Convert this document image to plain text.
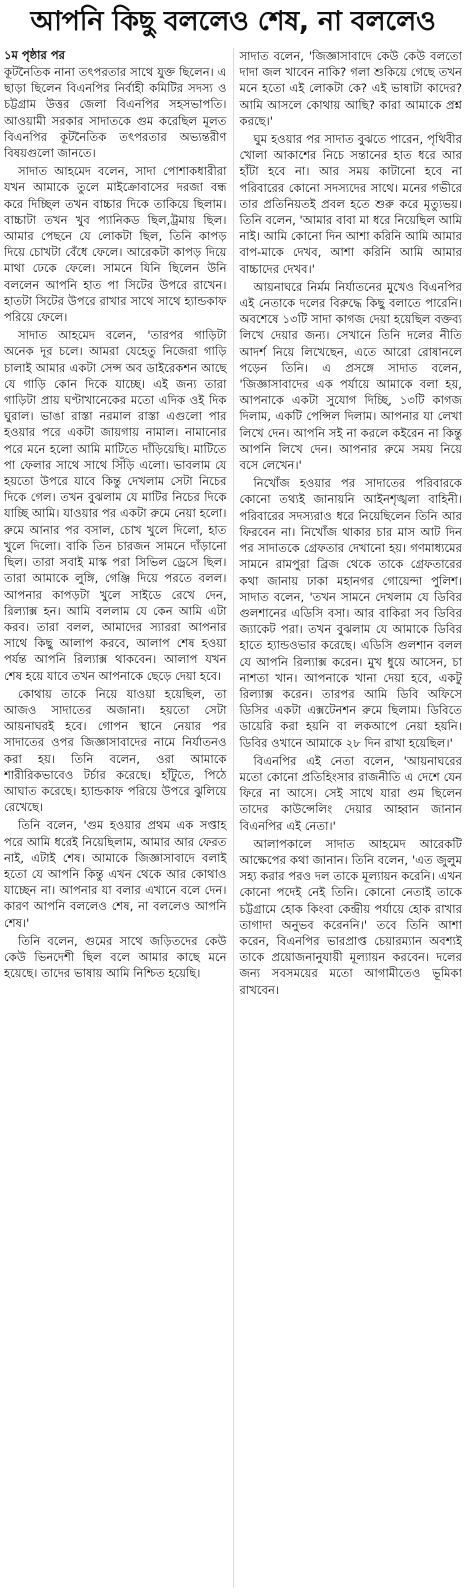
আপনি কিছু বললেও শেষ, না বললেও
১ম পৃষ্ঠার পর

কূটনৈতিক নানা তৎপরতার সাথে যুক্ত ছিলেন। এ ছাড়া ছিলেন বিএনপির নির্বাহী কমিটির সদস্য ও চট্টগ্রাম উত্তর জেলা বিএনপির সহসভাপতি। আওয়ামী সরকার সাদাতকে গুম করেছিল মূলত বিএনপির কূটনৈতিক তৎপরতার অভ্যন্তরীণ বিষয়গুলো জানতে।

সাদাত আহমেদ বলেন, সাদা পোশাকধারীরা যখন আমাকে তুলে মাইক্রোবাসের দরজা বন্ধ করে দিচ্ছিল তখন বাচ্চার দিকে তাকিয়ে ছিলাম। বাচ্চাটা তখন খুব প্যানিকড ছিল,ট্রমায় ছিল। আমার পেছনে যে লোকটা ছিল, তিনি কাপড় দিয়ে চোখটা বেঁধে ফেলে। আরেকটা কাপড় দিয়ে মাথা ঢেকে ফেলে। সামনে যিনি ছিলেন উনি বললেন আপনি হাত পা সিটের উপরে রাখেন। হাতটা সিটের উপরে রাখার সাথে সাথে হ্যান্ডকাফ পরিয়ে ফেলে।

সাদাত আহমেদ বলেন, 'তারপর গাড়িটা অনেক দূর চলে। আমরা যেহেতু নিজেরা গাড়ি চালাই আমার একটা সেন্স অব ডাইরেকশন আছে যে গাড়ি কোন দিকে যাচ্ছে। এই জন্য তারা গাড়িটা প্রায় ঘণ্টাখানেকের মতো এদিক ওই দিক ঘুরাল। ভাঙা রাস্তা নরমাল রাস্তা এগুলো পার হওয়ার পরে একটা জায়গায় নামাল। নামানোর পরে মনে হলো আমি মাটিতে দাঁড়িয়েছি। মাটিতে পা ফেলার সাথে সাথে সিঁড়ি এলো। ভাবলাম যে হয়তো উপরে যাবে কিন্তু দেখলাম সেটা নিচের দিকে গেল। তখন বুঝলাম যে মাটির নিচের দিকে যাচ্ছি আমি। যাওয়ার পর একটা রুমে নেয়া হলো। রুমে আনার পর বসাল, চোখ খুলে দিলো, হাত খুলে দিলো। বাকি তিন চারজন সামনে দাঁড়ানো ছিল। তারা সবাই মাস্ক পরা সিভিল ড্রেসে ছিল। তারা আমাকে লুঙ্গি, গেঞ্জি দিয়ে পরতে বলল। আপনার কাপড়টা খুলে সাইডে রেখে দেন, রিল্যাক্স হন। আমি বললাম যে কেন আমি এটা করব। তারা বলল, আমাদের স্যাররা আপনার সাথে কিছু আলাপ করবে, আলাপ শেষ হওয়া পর্যন্ত আপনি রিল্যাক্স থাকবেন। আলাপ যখন শেষ হয়ে যাবে তখন আপনাকে ছেড়ে দেয়া হবে।

কোথায় তাকে নিয়ে যাওয়া হয়েছিল, তা আজও সাদাতের অজানা। হয়তো সেটা আয়নাঘরই হবে। গোপন স্থানে নেয়ার পর সাদাতের ওপর জিজ্ঞাসাবাদের নামে নির্যাতনও করা হয়। তিনি বলেন, ওরা আমাকে শারীরিকভাবেও টর্চার করেছে। হাঁটুতে, পিঠে আঘাত করেছে। হ্যান্ডকাফ পরিয়ে উপরে ঝুলিয়ে রেখেছে।

তিনি বলেন, 'গুম হওয়ার প্রথম এক সপ্তাহ পরে আমি ধরেই নিয়েছিলাম, আমার আর ফেরত নাই, এটাই শেষ। আমাকে জিজ্ঞাসাবাদে বলাই হতো যে আপনি কিন্তু এখন থেকে আর কোথাও যাচ্ছেন না। আপনার যা বলার এখানে বলে দেন। কারণ আপনি বললেও শেষ, না বললেও আপনি শেষ।'

তিনি বলেন, গুমের সাথে জড়িতদের কেউ কেউ ভিনদেশী ছিল বলে আমার কাছে মনে হয়েছে। তাদের ভাষায় আমি নিশ্চিত হয়েছি।

সাদাত বলেন, 'জিজ্ঞাসাবাদে কেউ কেউ বলতো দাদা জল খাবেন নাকি? গলা শুকিয়ে গেছে তখন মনে হতো এই লোকটা কে? এই ভাষাটা কাদের? আমি আসলে কোথায় আছি? কারা আমাকে প্রশ্ন করছে।'

ঘুম হওয়ার পর সাদাত বুঝতে পারেন, পৃথিবীর খোলা আকাশের নিচে সন্তানের হাত ধরে আর হাঁটা হবে না। আর সময় কাটানো হবে না পরিবারের কোনো সদস্যদের সাথে। মনের গভীরে তার প্রতিনিয়তই প্রবল হতে শুরু করে মৃত্যুভয়। তিনি বলেন, 'আমার বাবা মা ধরে নিয়েছিল আমি নাই। আমি কোনো দিন আশা করিনি আমি আমার বাপ-মাকে দেখব, আশা করিনি আমি আমার বাচ্চাদের দেখব।'

আয়নাঘরে নির্মম নির্যাতনের মুখেও বিএনপির এই নেতাকে দলের বিরুদ্ধে কিছু বলাতে পারেনি। অবশেষে ১৩টি সাদা কাগজ দেয়া হয়েছিল বক্তব্য লিখে দেয়ার জন্য। সেখানে তিনি দলের নীতি আদর্শ নিয়ে লিখেছেন, এতে আরো রোষানলে পড়েন তিনি। এ প্রসঙ্গে সাদাত বলেন, 'জিজ্ঞাসাবাদের এক পর্যায়ে আমাকে বলা হয়, আপনাকে একটা সুযোগ দিচ্ছি, ১৩টি কাগজ দিলাম, একটি পেন্সিল দিলাম। আপনার যা লেখা লিখে দেন। আপনি সই না করলে কইরেন না কিন্তু আপনি লিখে দেন। আপনার রুমে সময় নিয়ে বসে লেখেন।'

নিখোঁজ হওয়ার পর সাদাতের পরিবারকে কোনো তথ্যই জানায়নি আইনশৃঙ্খলা বাহিনী। পরিবারের সদস্যরাও ধরে নিয়েছিলেন তিনি আর ফিরবেন না। নিখোঁজ থাকার চার মাস আট দিন পর সাদাতকে গ্রেফতার দেখানো হয়। গণমাধ্যমের সামনে রামপুরা ব্রিজ থেকে তাকে গ্রেফতারের কথা জানায় ঢাকা মহানগর গোয়েন্দা পুলিশ। সাদাত বলেন, 'তখন সামনে দেখলাম যে ডিবির গুলশানের এডিসি বসা। আর বাকিরা সব ডিবির জ্যাকেট পরা। তখন বুঝলাম যে আমাকে ডিবির হাতে হ্যান্ডওভার করেছে। এডিসি গুলশান বলল যে আপনি রিল্যাক্স করেন। মুখ ধুয়ে আসেন, চা নাশতা খান। আপনাকে খানা দেয়া হবে, একটু রিল্যাক্স করেন। তারপর আমি ডিবি অফিসে ডিসির একটা এক্সটেনশন রুমে ছিলাম। ডিবিতে ডায়েরি করা হয়নি বা লকআপে নেয়া হয়নি। ডিবির ওখানে আমাকে ২৮ দিন রাখা হয়েছিল।'

বিএনপির এই নেতা বলেন, 'আয়নাঘরের মতো কোনো প্রতিহিংসার রাজনীতি এ দেশে যেন ফিরে না আসে। সেই সাথে যারা গুম ছিলেন তাদের কাউন্সেলিং দেয়ার আহ্বান জানান বিএনপির এই নেতা।'

আলাপকালে সাদাত আহমেদ আরেকটি আক্ষেপের কথা জানান। তিনি বলেন, 'এত জুলুম সহ্য করার পরও দল তাকে মূল্যায়ন করেনি। এখন কোনো পদেই নেই তিনি। কোনো নেতাই তাকে চট্টগ্রামে হোক কিংবা কেন্দ্রীয় পর্যায়ে হোক রাখার তাগাদা অনুভব করেননি।' তবে তিনি আশা করেন, বিএনপির ভারপ্রাপ্ত চেয়ারম্যান অবশ্যই তাকে প্রয়োজনানুযায়ী মূল্যায়ন করবেন। দলের জন্য সবসময়ের মতো আগামীতেও ভূমিকা রাখবেন।
